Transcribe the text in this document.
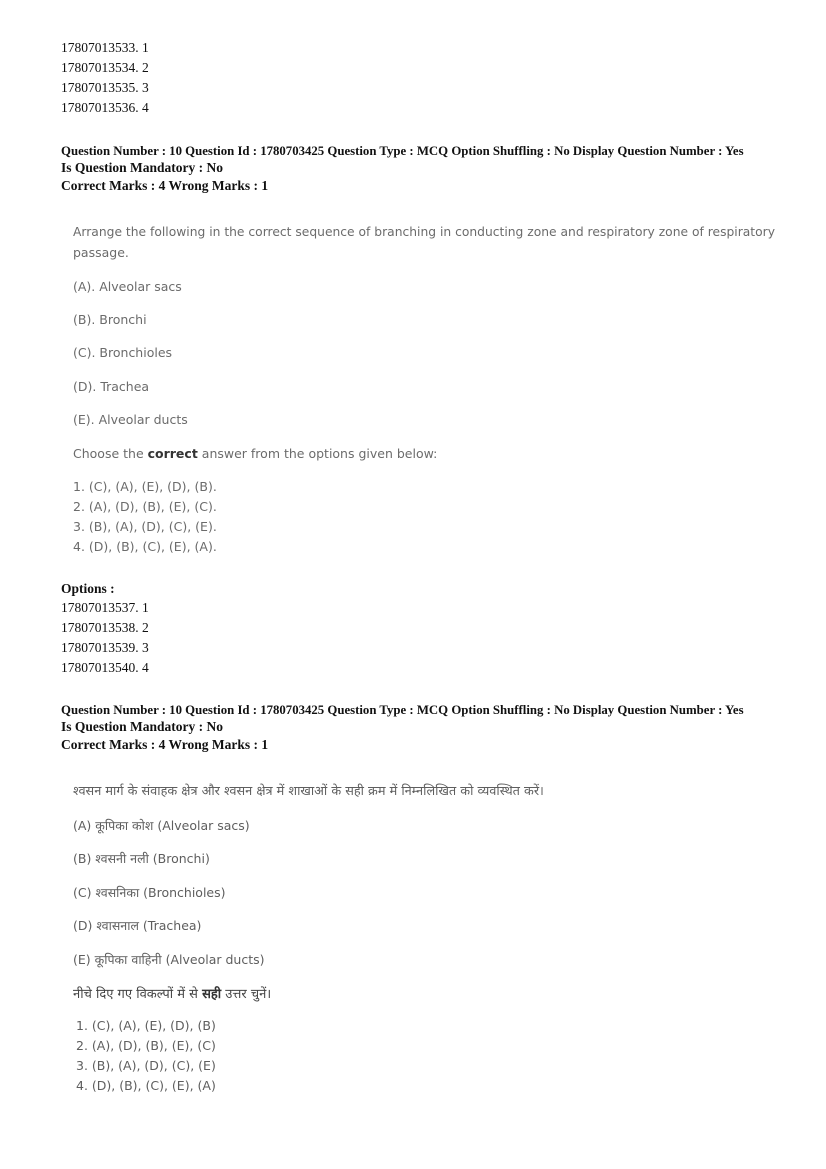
17807013533. 1
17807013534. 2
17807013535. 3
17807013536. 4
Question Number : 10 Question Id : 1780703425 Question Type : MCQ Option Shuffling : No Display Question Number : Yes
Is Question Mandatory : No
Correct Marks : 4 Wrong Marks : 1
Arrange the following in the correct sequence of branching in conducting zone and respiratory zone of respiratory
passage.
(A). Alveolar sacs
(B). Bronchi
(C). Bronchioles
(D). Trachea
(E). Alveolar ducts
Choose the correct answer from the options given below:
1. (C), (A), (E), (D), (B).
2. (A), (D), (B), (E), (C).
3. (B), (A), (D), (C), (E).
4. (D), (B), (C), (E), (A).
Options :
17807013537. 1
17807013538. 2
17807013539. 3
17807013540. 4
Question Number : 10 Question Id : 1780703425 Question Type : MCQ Option Shuffling : No Display Question Number : Yes
Is Question Mandatory : No
Correct Marks : 4 Wrong Marks : 1
श्वसन मार्ग के संवाहक क्षेत्र और श्वसन क्षेत्र में शाखाओं के सही क्रम में निम्नलिखित को व्यवस्थित करें।
(A) कूपिका कोश (Alveolar sacs)
(B) श्वसनी नली (Bronchi)
(C) श्वसनिका (Bronchioles)
(D) श्वासनाल (Trachea)
(E) कूपिका वाहिनी (Alveolar ducts)
नीचे दिए गए विकल्पों में से सही उत्तर चुनें।
1. (C), (A), (E), (D), (B)
2. (A), (D), (B), (E), (C)
3. (B), (A), (D), (C), (E)
4. (D), (B), (C), (E), (A)
